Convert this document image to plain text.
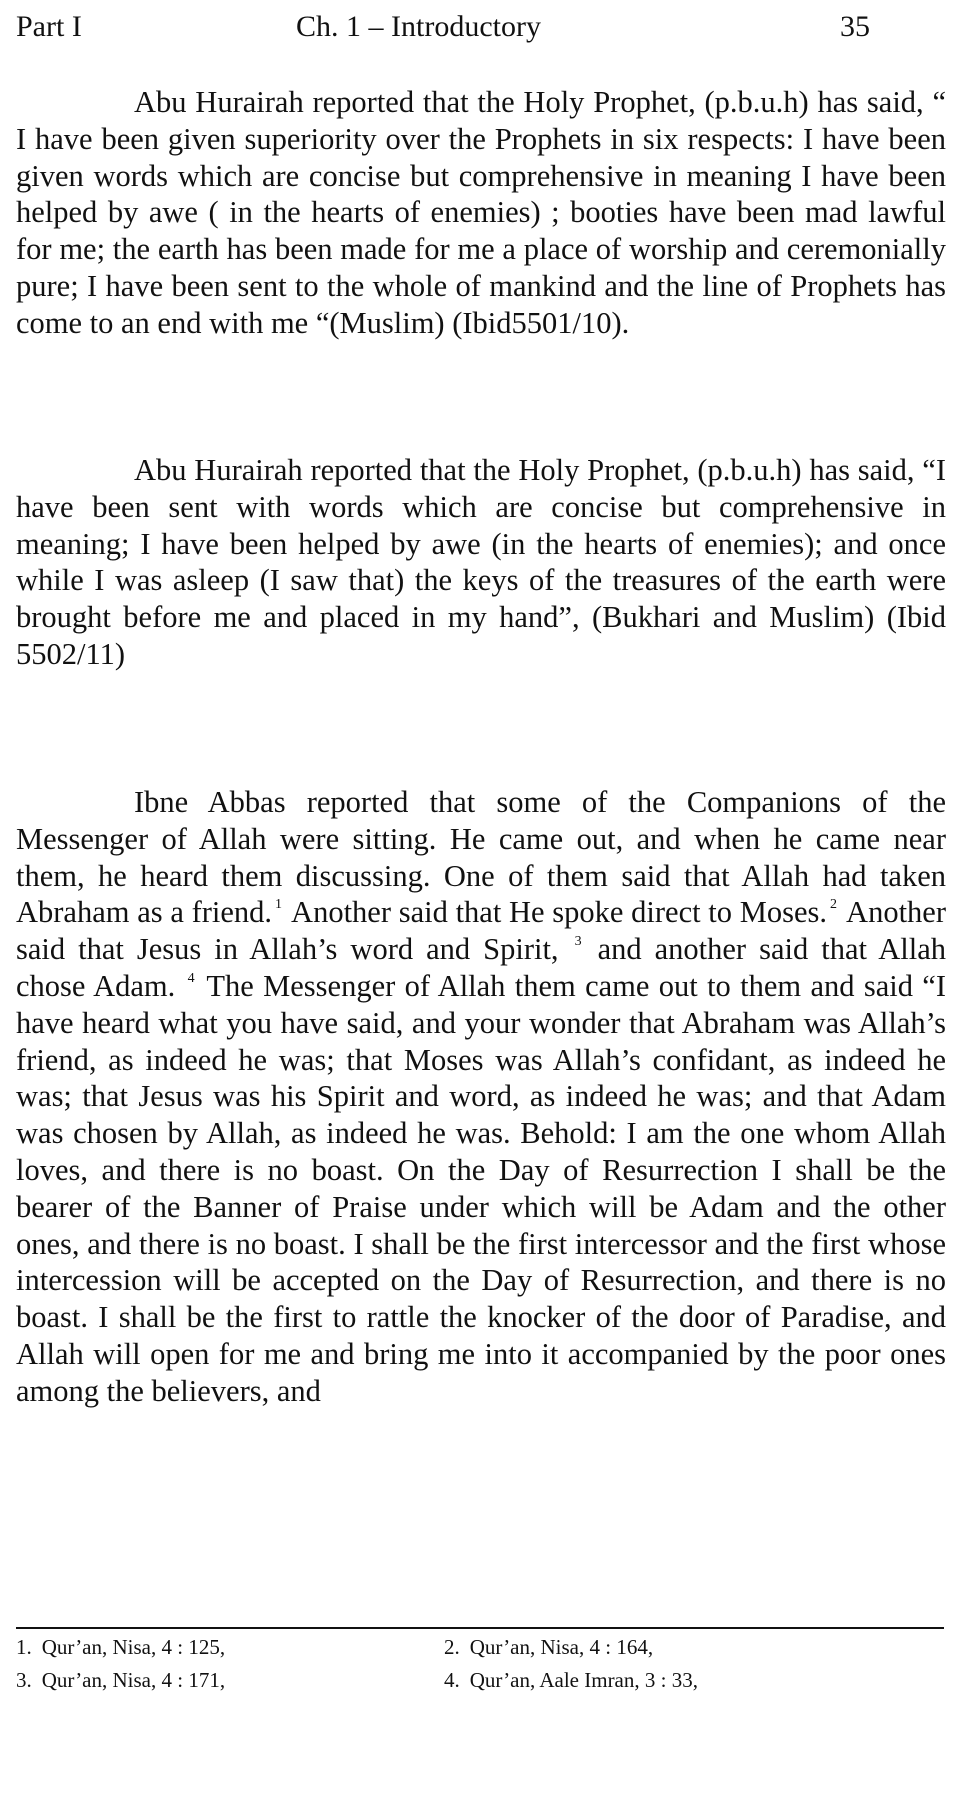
Part I	Ch. 1 – Introductory	35

Abu Hurairah reported that the Holy Prophet, (p.b.u.h) has said, “ I have been given superiority over the Prophets in six respects: I have been given words which are concise but comprehensive in meaning I have been helped by awe ( in the hearts of enemies) ; booties have been mad lawful for me; the earth has been made for me a place of worship and ceremonially pure; I have been sent to the whole of mankind and the line of Prophets has come to an end with me “(Muslim) (Ibid5501/10).

Abu Hurairah reported that the Holy Prophet, (p.b.u.h) has said, “I have been sent with words which are concise but comprehensive in meaning; I have been helped by awe (in the hearts of enemies); and once while I was asleep (I saw that) the keys of the treasures of the earth were brought before me and placed in my hand”, (Bukhari and Muslim) (Ibid 5502/11)

Ibne Abbas reported that some of the Companions of the Messenger of Allah were sitting. He came out, and when he came near them, he heard them discussing. One of them said that Allah had taken Abraham as a friend. $^1$ Another said that He spoke direct to Moses. $^2$ Another said that Jesus in Allah’s word and Spirit, $^3$ and another said that Allah chose Adam. $^4$ The Messenger of Allah them came out to them and said “I have heard what you have said, and your wonder that Abraham was Allah’s friend, as indeed he was; that Moses was Allah’s confidant, as indeed he was; that Jesus was his Spirit and word, as indeed he was; and that Adam was chosen by Allah, as indeed he was. Behold: I am the one whom Allah loves, and there is no boast. On the Day of Resurrection I shall be the bearer of the Banner of Praise under which will be Adam and the other ones, and there is no boast. I shall be the first intercessor and the first whose intercession will be accepted on the Day of Resurrection, and there is no boast. I shall be the first to rattle the knocker of the door of Paradise, and Allah will open for me and bring me into it accompanied by the poor ones among the believers, and

1. Qur’an, Nisa, 4 : 125,	2. Qur’an, Nisa, 4 : 164,
3. Qur’an, Nisa, 4 : 171,	4. Qur’an, Aale Imran, 3 : 33,
